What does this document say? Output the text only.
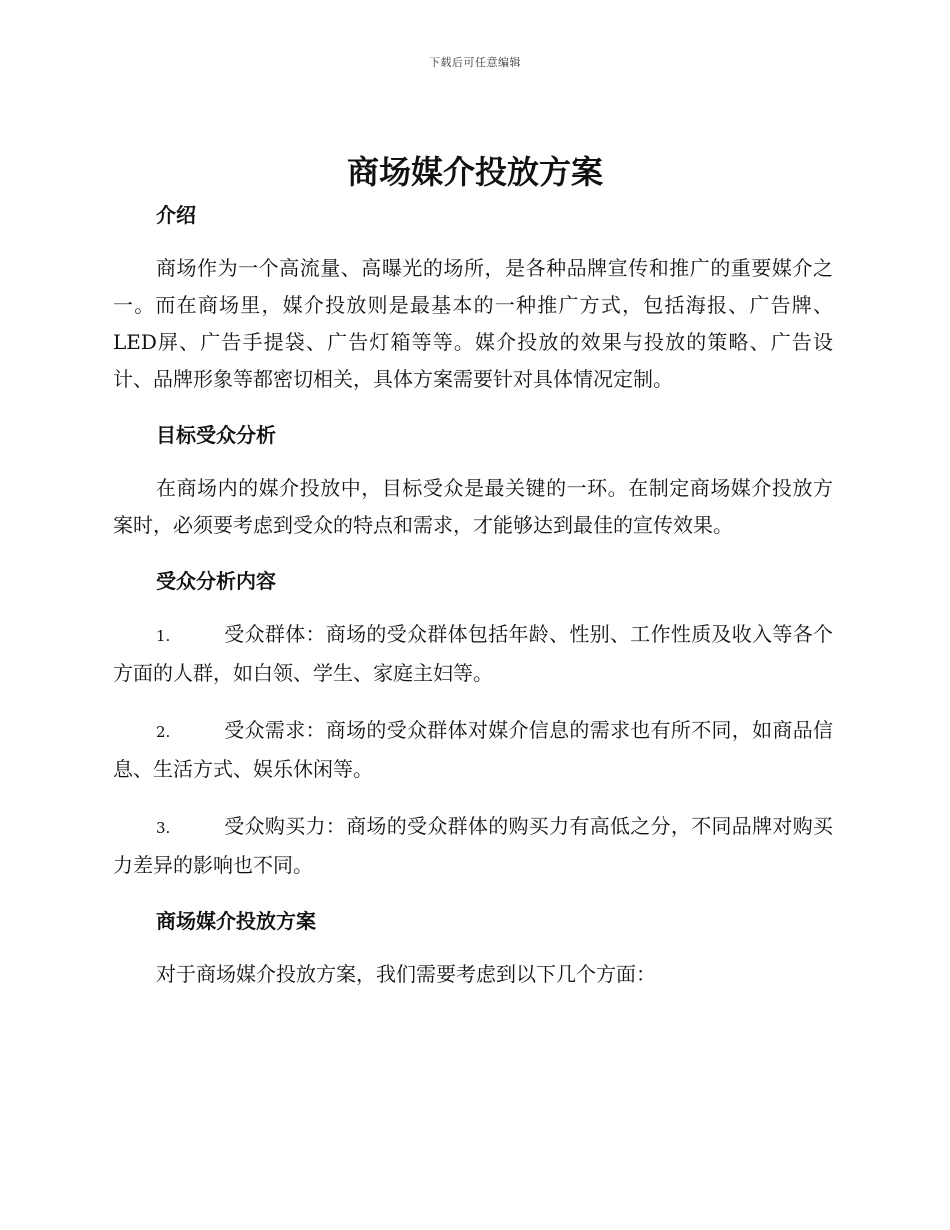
下载后可任意编辑
商场媒介投放方案
介绍

商场作为一个高流量、高曝光的场所，是各种品牌宣传和推广的重要媒介之一。而在商场里，媒介投放则是最基本的一种推广方式，包括海报、广告牌、LED屏、广告手提袋、广告灯箱等等。媒介投放的效果与投放的策略、广告设计、品牌形象等都密切相关，具体方案需要针对具体情况定制。

目标受众分析

在商场内的媒介投放中，目标受众是最关键的一环。在制定商场媒介投放方案时，必须要考虑到受众的特点和需求，才能够达到最佳的宣传效果。

受众分析内容
1.	受众群体：商场的受众群体包括年龄、性别、工作性质及收入等各个方面的人群，如白领、学生、家庭主妇等。
2.	受众需求：商场的受众群体对媒介信息的需求也有所不同，如商品信息、生活方式、娱乐休闲等。
3.	受众购买力：商场的受众群体的购买力有高低之分，不同品牌对购买力差异的影响也不同。
商场媒介投放方案

对于商场媒介投放方案，我们需要考虑到以下几个方面：
